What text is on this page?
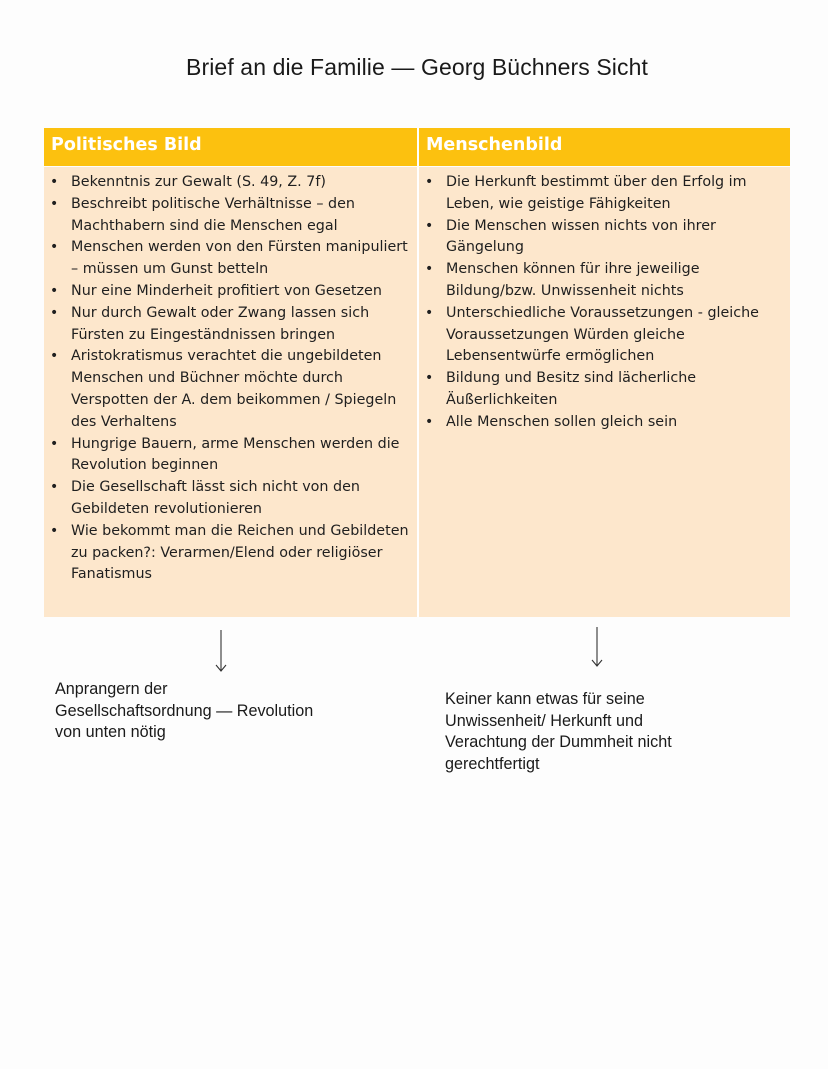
Brief an die Familie — Georg Büchners Sicht
Politisches Bild	Menschenbild
• Bekenntnis zur Gewalt (S. 49, Z. 7f)
• Beschreibt politische Verhältnisse – den Machthabern sind die Menschen egal
• Menschen werden von den Fürsten manipuliert – müssen um Gunst betteln
• Nur eine Minderheit profitiert von Gesetzen
• Nur durch Gewalt oder Zwang lassen sich Fürsten zu Eingeständnissen bringen
• Aristokratismus verachtet die ungebildeten Menschen und Büchner möchte durch Verspotten der A. dem beikommen / Spiegeln des Verhaltens
• Hungrige Bauern, arme Menschen werden die Revolution beginnen
• Die Gesellschaft lässt sich nicht von den Gebildeten revolutionieren
• Wie bekommt man die Reichen und Gebildeten zu packen?: Verarmen/Elend oder religiöser Fanatismus
• Die Herkunft bestimmt über den Erfolg im Leben, wie geistige Fähigkeiten
• Die Menschen wissen nichts von ihrer Gängelung
• Menschen können für ihre jeweilige Bildung/bzw. Unwissenheit nichts
• Unterschiedliche Voraussetzungen - gleiche Voraussetzungen Würden gleiche Lebensentwürfe ermöglichen
• Bildung und Besitz sind lächerliche Äußerlichkeiten
• Alle Menschen sollen gleich sein
Anprangern der
Gesellschaftsordnung — Revolution
von unten nötig
Keiner kann etwas für seine
Unwissenheit/ Herkunft und
Verachtung der Dummheit nicht
gerechtfertigt
